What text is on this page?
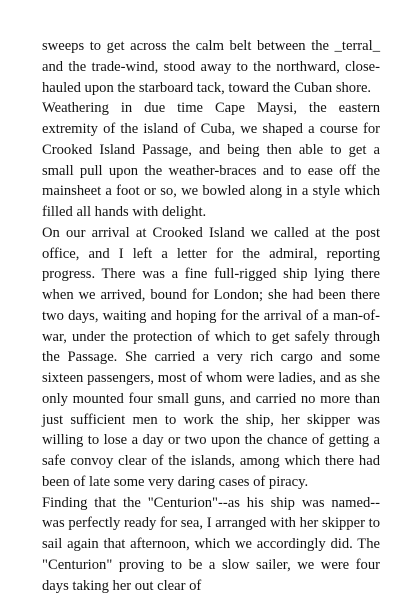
sweeps to get across the calm belt between the _terral_ and the trade-wind, stood away to the northward, close-hauled upon the starboard tack, toward the Cuban shore.

Weathering in due time Cape Maysi, the eastern extremity of the island of Cuba, we shaped a course for Crooked Island Passage, and being then able to get a small pull upon the weather-braces and to ease off the mainsheet a foot or so, we bowled along in a style which filled all hands with delight.

On our arrival at Crooked Island we called at the post office, and I left a letter for the admiral, reporting progress. There was a fine full-rigged ship lying there when we arrived, bound for London; she had been there two days, waiting and hoping for the arrival of a man-of-war, under the protection of which to get safely through the Passage. She carried a very rich cargo and some sixteen passengers, most of whom were ladies, and as she only mounted four small guns, and carried no more than just sufficient men to work the ship, her skipper was willing to lose a day or two upon the chance of getting a safe convoy clear of the islands, among which there had been of late some very daring cases of piracy.

Finding that the "Centurion"--as his ship was named--was perfectly ready for sea, I arranged with her skipper to sail again that afternoon, which we accordingly did. The "Centurion" proving to be a slow sailer, we were four days taking her out clear of
